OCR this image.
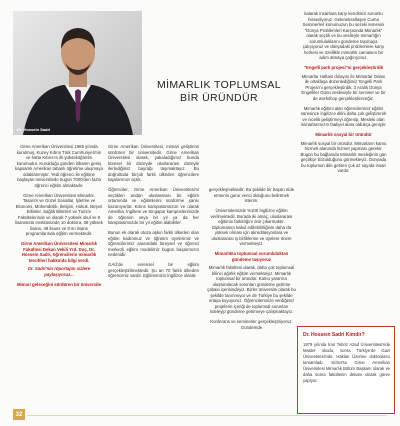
Dr. Hossein Sadri
MİMARLIK TOPLUMSAL
BİR ÜRÜNDÜR

Girne Amerikan Üniversitesi 1985 yılında kurulmuş, Kuzey Kıbrıs Türk Cumhuriyeti'nin ve hatta Kıbrıs'ın ilk yükseköğretim kurumudur. Kurulduğu günden itibaren geniş kapsamlı Amerikan tabanlı öğretime uluşmaya odaklanmıştır. Yedi öğrenci ile eğitime başlayan üniversitede bugün 7000'den fazla öğrenci eğitim almaktadır.

Girne Amerikan Üniversitesi Mimarlık, Tasarım ve Güzel Sanatlar, İşletme ve Ekonomi, Mühendislik, İletişim, Hukuk, Beşeri Bilimler, Sağlık Bilimleri ve Turizm Fakültelerinde ve olarak 7 yüksek okul ve 8 lisansüstü enstitüsünde 10 doktora, 38 yüksek lisans, 48 lisans ve 9 ön lisans programlarında eğitim vermektedir.

Girne Amerikan Üniversitesi Mimarlık Fakültesi Dekan Vekili Yrd. Doç. Dr. Hossein Sadri, öğrencilerin mimarlık tercihleri hakkında bilgi verdi.

Dr. Sadri'nin röportajını sizlere paylaşıyoruz...

Mimari geleceğini sürdüren bir üniversite

Girne Amerikan Üniversitesi, mimari geliştirimi sürdüren bir üniversitedir. Girne Amerikan Üniversitesi olarak, yakaladığımız bunda küresel bir düzeyde uluslararası düzeyle ilerlediğimiz bayrağı taşımaktayız. Bu doğrultuda birçok farklı ülkeden öğrencilere kapılarımızı açtık.

Öğrenciler, Girne Amerikan Üniversitesi'ni seçtikleri andan uluslararası bir eğitim ortamında ve eğitimlerini sürdürme şansı kazanıyorlar. Kıbrıs kampüsümüzün ve olarak Amerika, İngiltere ve Singapur kampüslerimizde de öğrenim veya bir yıl ya da her kampüsümüzde bir yıl eğitim alabilirler.

Bunun ek olarak otuza aşkın farklı ülkeden olan eğitim kadromuz ve öğretim üyelerimiz ve öğrencilerimiz arasındaki bireysel ve öğrenci merkezli eğitim modelimiz bugün başarımızın nedenidir.

GAÜ'de evrensel bir eğitim gerçekleştirilmektedir. Şu an 70 farklı ülkeden öğrencimiz vardır. Eğitimimizin İngilizce olarak

gerçekleşmektedir. Bu şekilde bir başarı elde etmenin gurur verici olduğunu belirtmek isterim.

Üniversitemizde %100 İngilizce eğitim verilmektedir. Burada iki amaç, uluslararası eğitimin farklılığını öne çıkarmaktır. Diplomamın kabul edilebilirliğinin daha da yüksek olması için akreditasyonlara ve uluslararası iş birliklerine ve üyelere önem vermekteyiz.

Mimarlıkta toplumsal sorumluluktan gündeme taşıyoruz

Mimarlık fakültesi olarak, daha çok toplumsal bilinci ağırlık eğitim vermekteyiz. Mimarlık toplumsal bir üründür. Kamu yararına oluşturulacak sorunları gündeme getirme çabası içerisindeyiz. Bizler üniversite olarak bu şekilde tanınmıyor ve de Türkiye bu şekilde ortaya koyuyoruz. Öğrencilerimize verdiğimiz projelerin içeriği de toplumsal sorunları irdeleyip gündeme getirmeye çalışmaktayız.

Konferans ve seminerler gerçekleştiriyoruz. Gündemde

kalarak insanlara karşı kendimizi sorumlu hissediyoruz. Geleneksellaşen Cuma Seminerleri konumuzun bu sezeki temesini "Dünya Problemleri Karşısında Mimarlık" olarak seçtik ve bu vesileyle mimarlığın sorumluluklarını gündeme taşımaya çalışıyoruz ve dünyadaki problemlere karşı herkesi ve özellikle mimarlık camiasını bir adım atmaya çağırıyoruz.

"Engelli park projesi"ni gerçekleştirdik

Mimarlar Haftası dolayısı ile Mimarlar Odası ile ortaklaşa düzenlediğimiz 'Engelli Park Projesi'ni gerçekleştirdik. 3 Aralık Dünya Engelliler Günü vesilesiyle bir seminer ve bir de workshop gerçekleştireceğiz.

Mimarlık eğitimi alan öğrencilerimiz eğitim süresince İngilizce dilini daha çok geliştirerek ve nicelik geliştirmeyi öğrenip, Mesleki olan mimarlarımızın faaliyet alanı oldukça geniştir.

Mimarlık sosyal bir üründür

Mimarlık sosyal bir üründür. Mimarların kamu hizmeti alanında hizmet yapması gerekir. Bugün bu bağlamda Mimarlık mesleğinin gün geçtikçe bozulduğunu görmekteyiz. Dünyada bu toplumun dile getiren çok az sayıda insan vardır.

Dr. Hosseın Sadri Kimdir?
1979 yılında İran Tebriz Azad Üniversitesi'nde Master okudu, sonra Türkiye'de Gazi Üniversitesi'nde. Haklan Üzerine doktorasını tamamladı. Kıbrıs'ta Girne Amerikan Üniversitesi Mimarlık Bölüm Başkanı olarak ve daha sonra fakültenin dekanı olarak görev yapıyor.
32
